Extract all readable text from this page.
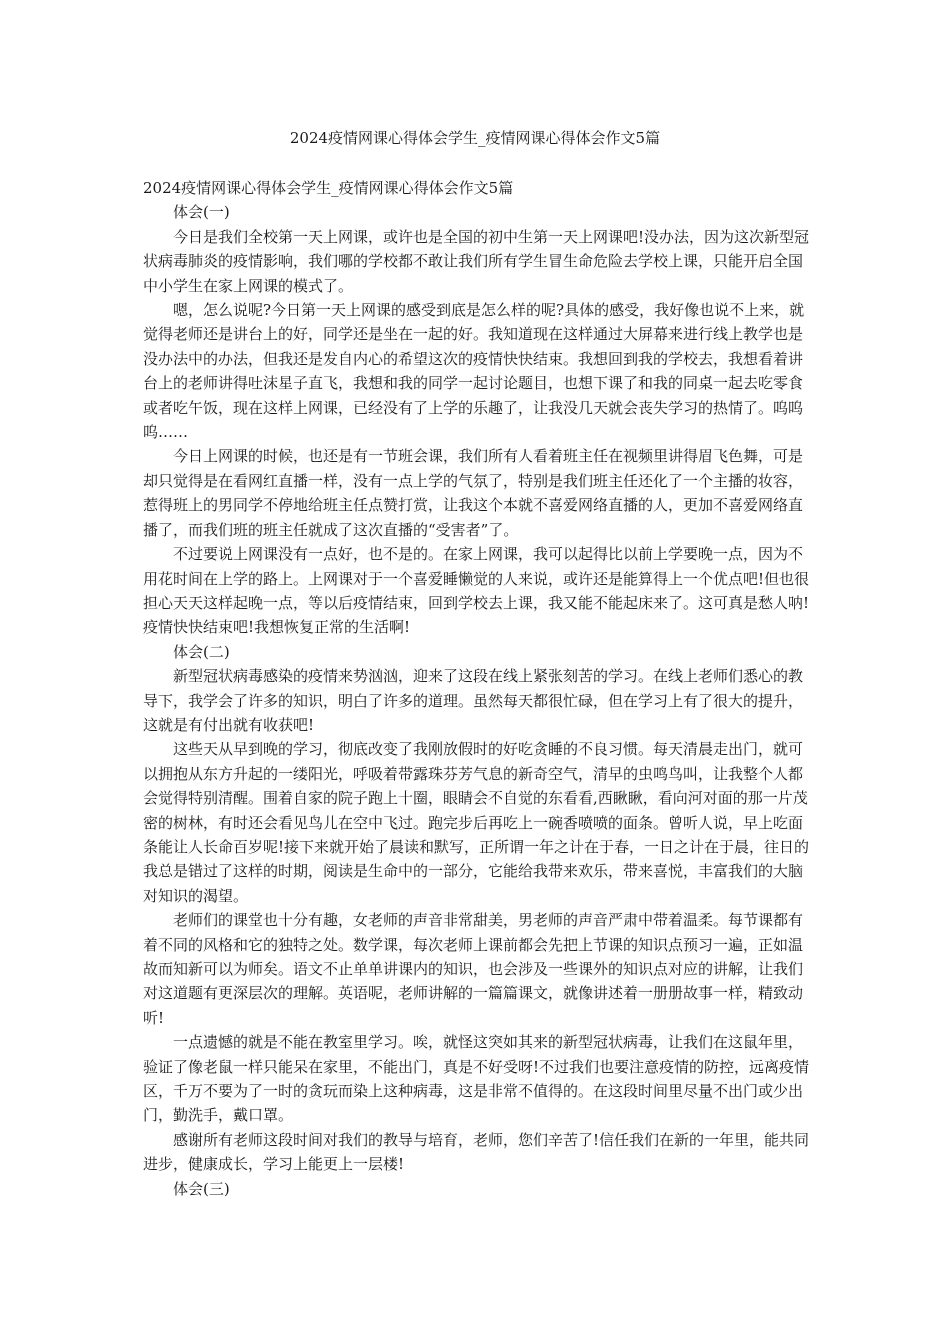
2024疫情网课心得体会学生_疫情网课心得体会作文5篇

2024疫情网课心得体会学生_疫情网课心得体会作文5篇

体会(一)

今日是我们全校第一天上网课，或许也是全国的初中生第一天上网课吧!没办法，因为这次新型冠状病毒肺炎的疫情影响，我们哪的学校都不敢让我们所有学生冒生命危险去学校上课，只能开启全国中小学生在家上网课的模式了。

嗯，怎么说呢?今日第一天上网课的感受到底是怎么样的呢?具体的感受，我好像也说不上来，就觉得老师还是讲台上的好，同学还是坐在一起的好。我知道现在这样通过大屏幕来进行线上教学也是没办法中的办法，但我还是发自内心的希望这次的疫情快快结束。我想回到我的学校去，我想看着讲台上的老师讲得吐沫星子直飞，我想和我的同学一起讨论题目，也想下课了和我的同桌一起去吃零食或者吃午饭，现在这样上网课，已经没有了上学的乐趣了，让我没几天就会丧失学习的热情了。呜呜呜……

今日上网课的时候，也还是有一节班会课，我们所有人看着班主任在视频里讲得眉飞色舞，可是却只觉得是在看网红直播一样，没有一点上学的气氛了，特别是我们班主任还化了一个主播的妆容，惹得班上的男同学不停地给班主任点赞打赏，让我这个本就不喜爱网络直播的人，更加不喜爱网络直播了，而我们班的班主任就成了这次直播的“受害者”了。

不过要说上网课没有一点好，也不是的。在家上网课，我可以起得比以前上学要晚一点，因为不用花时间在上学的路上。上网课对于一个喜爱睡懒觉的人来说，或许还是能算得上一个优点吧!但也很担心天天这样起晚一点，等以后疫情结束，回到学校去上课，我又能不能起床来了。这可真是愁人呐!疫情快快结束吧!我想恢复正常的生活啊!

体会(二)

新型冠状病毒感染的疫情来势汹汹，迎来了这段在线上紧张刻苦的学习。在线上老师们悉心的教导下，我学会了许多的知识，明白了许多的道理。虽然每天都很忙碌，但在学习上有了很大的提升，这就是有付出就有收获吧!

这些天从早到晚的学习，彻底改变了我刚放假时的好吃贪睡的不良习惯。每天清晨走出门，就可以拥抱从东方升起的一缕阳光，呼吸着带露珠芬芳气息的新奇空气，清早的虫鸣鸟叫，让我整个人都会觉得特别清醒。围着自家的院子跑上十圈，眼睛会不自觉的东看看,西瞅瞅，看向河对面的那一片茂密的树林，有时还会看见鸟儿在空中飞过。跑完步后再吃上一碗香喷喷的面条。曾听人说，早上吃面条能让人长命百岁呢!接下来就开始了晨读和默写，正所谓一年之计在于春，一日之计在于晨，往日的我总是错过了这样的时期，阅读是生命中的一部分，它能给我带来欢乐，带来喜悦，丰富我们的大脑对知识的渴望。

老师们的课堂也十分有趣，女老师的声音非常甜美，男老师的声音严肃中带着温柔。每节课都有着不同的风格和它的独特之处。数学课，每次老师上课前都会先把上节课的知识点预习一遍，正如温故而知新可以为师矣。语文不止单单讲课内的知识，也会涉及一些课外的知识点对应的讲解，让我们对这道题有更深层次的理解。英语呢，老师讲解的一篇篇课文，就像讲述着一册册故事一样，精致动听!

一点遗憾的就是不能在教室里学习。唉，就怪这突如其来的新型冠状病毒，让我们在这鼠年里，验证了像老鼠一样只能呆在家里，不能出门，真是不好受呀!不过我们也要注意疫情的防控，远离疫情区，千万不要为了一时的贪玩而染上这种病毒，这是非常不值得的。在这段时间里尽量不出门或少出门，勤洗手，戴口罩。

感谢所有老师这段时间对我们的教导与培育，老师，您们辛苦了!信任我们在新的一年里，能共同进步，健康成长，学习上能更上一层楼!

体会(三)
